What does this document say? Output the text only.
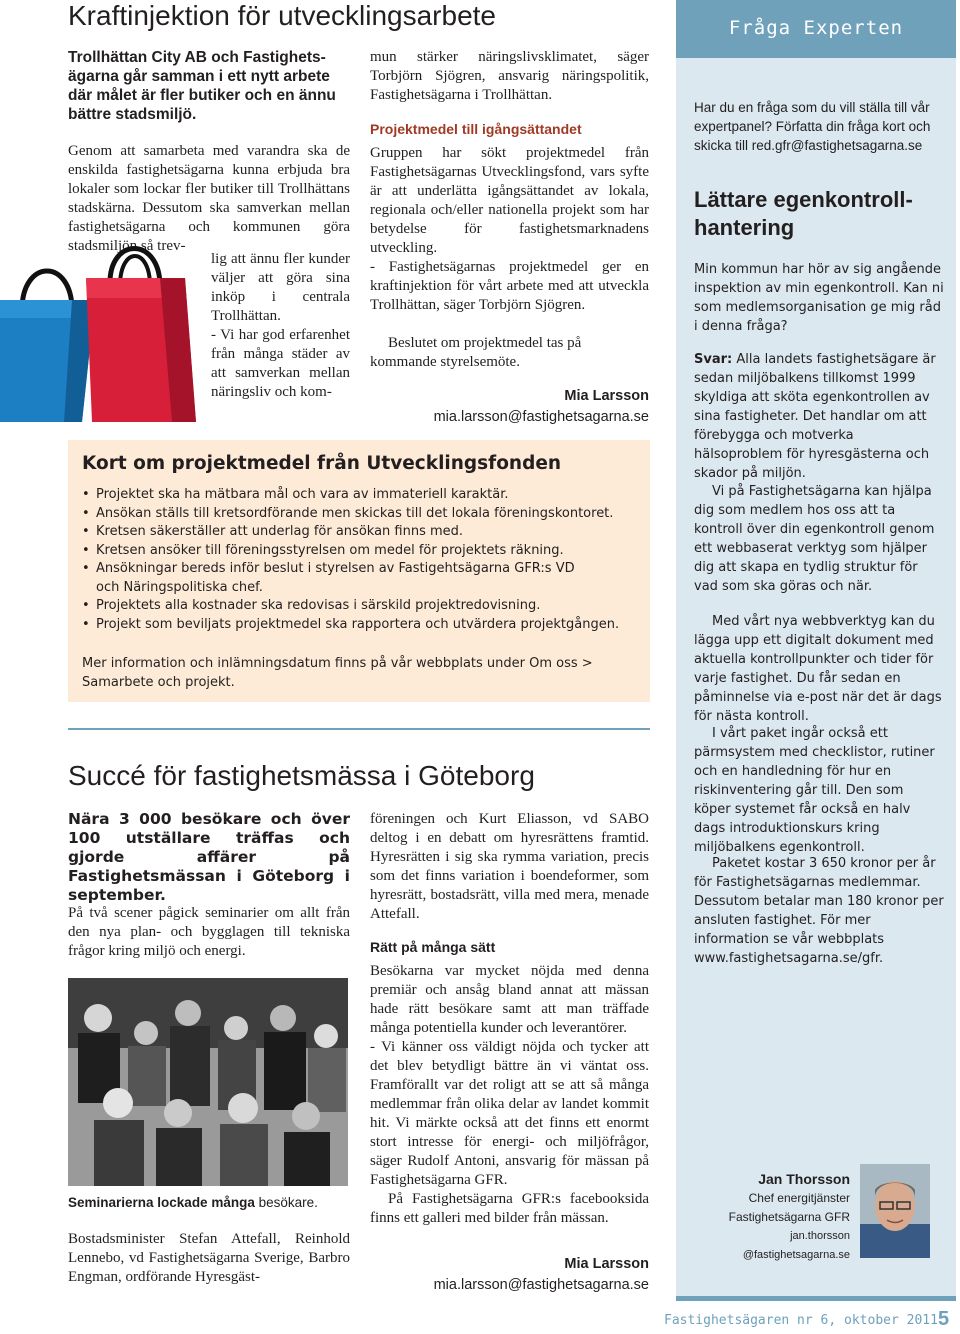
Kraftinjektion för utvecklingsarbete

Trollhättan City AB och Fastighets-ägarna går samman i ett nytt arbete där målet är fler butiker och en ännu bättre stadsmiljö.

Genom att samarbeta med varandra ska de enskilda fastighetsägarna kunna erbjuda bra lokaler som lockar fler butiker till Trollhättans stadskärna. Dessutom ska samverkan mellan fastighetsägarna och kommunen göra stadsmiljön så trev-

lig att ännu fler kunder väljer att göra sina inköp i centrala Trollhättan.

- Vi har god erfarenhet från många städer av att samverkan mellan näringsliv och kom-

mun stärker näringslivsklimatet, säger Torbjörn Sjögren, ansvarig näringspolitik, Fastighetsägarna i Trollhättan.

Projektmedel till igångsättandet

Gruppen har sökt projektmedel från Fastighetsägarnas Utvecklingsfond, vars syfte är att underlätta igångsättandet av lokala, regionala och/eller nationella projekt som har betydelse för fastighetsmarknadens utveckling.

- Fastighetsägarnas projektmedel ger en kraftinjektion för vårt arbete med att utveckla Trollhättan, säger Torbjörn Sjögren.

Beslutet om projektmedel tas på kommande styrelsemöte.

Mia Larsson

mia.larsson@fastighetsagarna.se

Kort om projektmedel från Utvecklingsfonden
• Projektet ska ha mätbara mål och vara av immateriell karaktär.
• Ansökan ställs till kretsordförande men skickas till det lokala föreningskontoret.
• Kretsen säkerställer att underlag för ansökan finns med.
• Kretsen ansöker till föreningsstyrelsen om medel för projektets räkning.
• Ansökningar bereds inför beslut i styrelsen av Fastigehtsägarna GFR:s VD och Näringspolitiska chef.
• Projektets alla kostnader ska redovisas i särskild projektredovisning.
• Projekt som beviljats projektmedel ska rapportera och utvärdera projektgången.

Mer information och inlämningsdatum finns på vår webbplats under Om oss > Samarbete och projekt.

Succé för fastighetsmässa i Göteborg

Nära 3 000 besökare och över 100 utställare träffas och gjorde affärer på Fastighetsmässan i Göteborg i september.

På två scener pågick seminarier om allt från den nya plan- och bygglagen till tekniska frågor kring miljö och energi.

Seminarierna lockade många besökare.

Bostadsminister Stefan Attefall, Reinhold Lennebo, vd Fastighetsägarna Sverige, Barbro Engman, ordförande Hyresgäst-

föreningen och Kurt Eliasson, vd SABO deltog i en debatt om hyresrättens framtid. Hyresrätten i sig ska rymma variation, precis som det finns variation i boendeformer, som hyresrätt, bostadsrätt, villa med mera, menade Attefall.

Rätt på många sätt

Besökarna var mycket nöjda med denna premiär och ansåg bland annat att mässan hade rätt besökare samt att man träffade många potentiella kunder och leverantörer.

- Vi känner oss väldigt nöjda och tycker att det blev betydligt bättre än vi väntat oss. Framförallt var det roligt att se att så många medlemmar från olika delar av landet kommit hit. Vi märkte också att det finns ett enormt stort intresse för energi- och miljöfrågor, säger Rudolf Antoni, ansvarig för mässan på Fastighetsägarna GFR.

På Fastighetsägarna GFR:s facebooksida finns ett galleri med bilder från mässan.

Mia Larsson

mia.larsson@fastighetsagarna.se

Fråga Experten

Har du en fråga som du vill ställa till vår expertpanel? Författa din fråga kort och skicka till red.gfr@fastighetsagarna.se

Lättare egenkontroll-hantering

Min kommun har hör av sig angående inspektion av min egenkontroll. Kan ni som medlemsorganisation ge mig råd i denna fråga?

Svar: Alla landets fastighetsägare är sedan miljöbalkens tillkomst 1999 skyldiga att sköta egenkontrollen av sina fastigheter. Det handlar om att förebygga och motverka hälsoproblem för hyresgästerna och skador på miljön.

Vi på Fastighetsägarna kan hjälpa dig som medlem hos oss att ta kontroll över din egenkontroll genom ett webbaserat verktyg som hjälper dig att skapa en tydlig struktur för vad som ska göras och när.

Med vårt nya webbverktyg kan du lägga upp ett digitalt dokument med aktuella kontrollpunkter och tider för varje fastighet. Du får sedan en påminnelse via e-post när det är dags för nästa kontroll.

I vårt paket ingår också ett pärmsystem med checklistor, rutiner och en handledning för hur en riskinventering går till. Den som köper systemet får också en halv dags introduktionskurs kring miljöbalkens egenkontroll.

Paketet kostar 3 650 kronor per år för Fastighetsägarnas medlemmar. Dessutom betalar man 180 kronor per ansluten fastighet. För mer information se vår webbplats www.fastighetsagarna.se/gfr.

Jan Thorsson
Chef energitjänster
Fastighetsägarna GFR
jan.thorsson
@fastighetsagarna.se
Fastighetsägaren nr 6, oktober 2011 5
